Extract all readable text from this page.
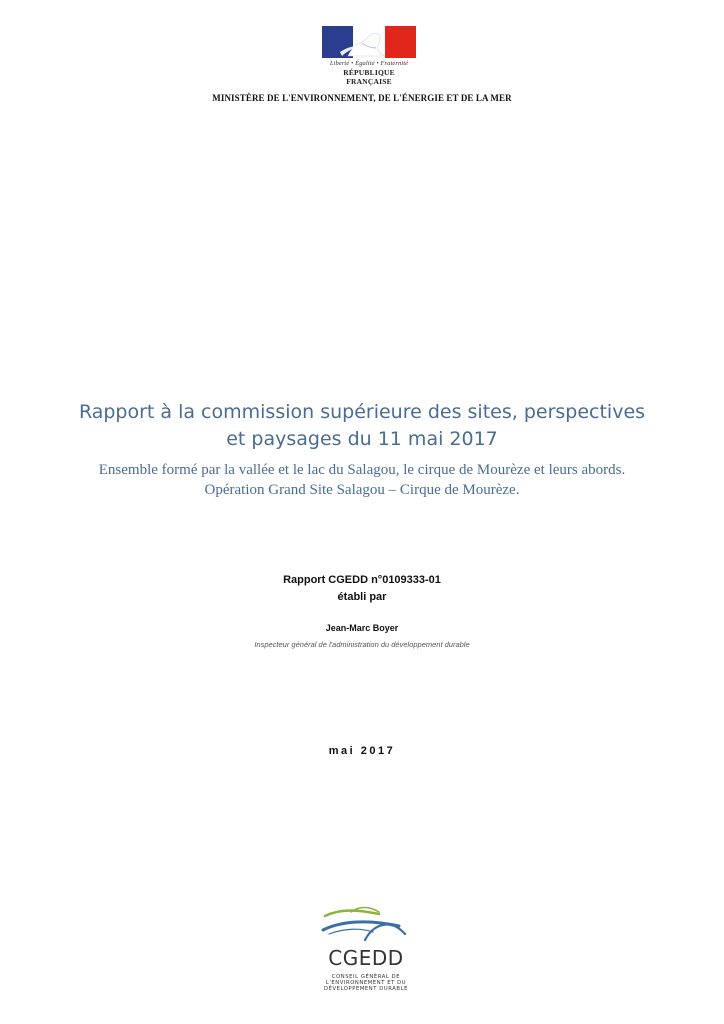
Liberté • Égalité • Fraternité
RÉPUBLIQUE FRANÇAISE
MINISTÈRE DE L'ENVIRONNEMENT, DE L'ÉNERGIE ET DE LA MER
Rapport à la commission supérieure des sites, perspectives
et paysages du 11 mai 2017
Ensemble formé par la vallée et le lac du Salagou, le cirque de Mourèze et leurs abords.
Opération Grand Site Salagou – Cirque de Mourèze.
Rapport CGEDD n°0109333-01
établi par
Jean-Marc Boyer
Inspecteur général de l'administration du développement durable
mai 2017
CGEDD
CONSEIL GÉNÉRAL DE
L'ENVIRONNEMENT ET DU
DÉVELOPPEMENT DURABLE
